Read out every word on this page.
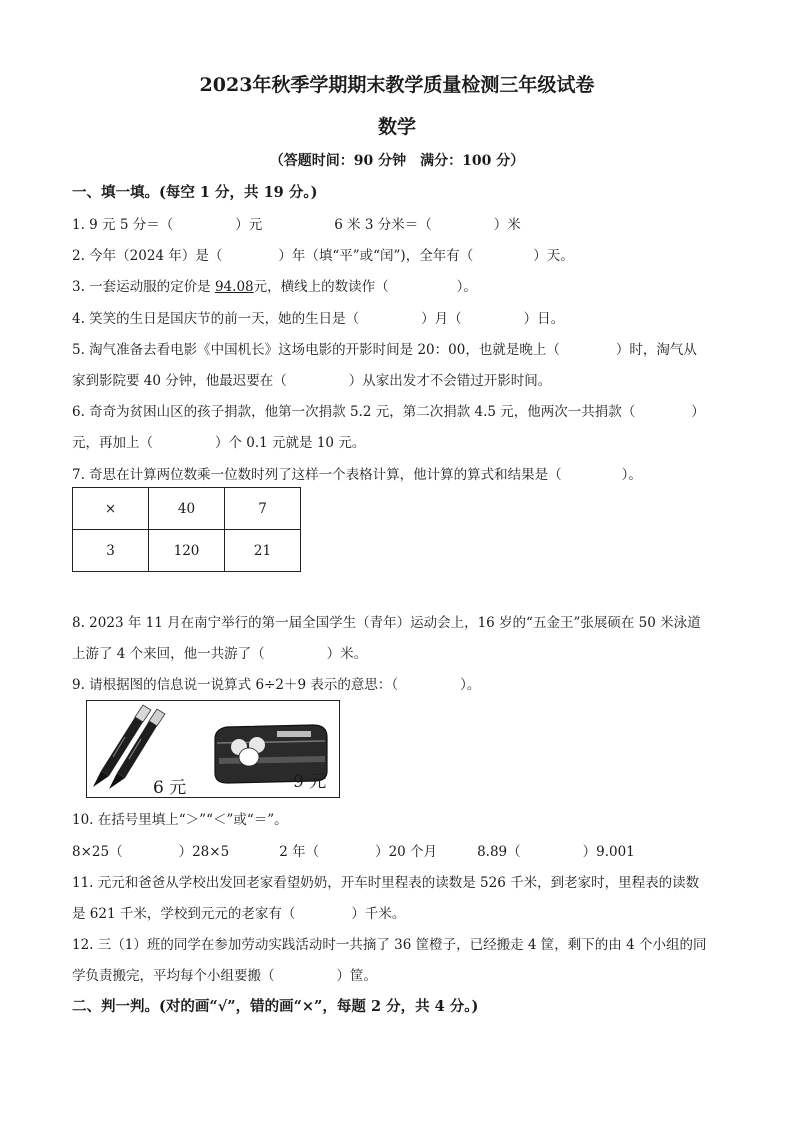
2023年秋季学期期末教学质量检测三年级试卷
数学
（答题时间：90 分钟　满分：100 分）
一、填一填。(每空 1 分，共 19 分。)
1. 9 元 5 分＝（	）元	6 米 3 分米＝（	）米
2. 今年（2024 年）是（	）年（填“平”或“闰”)，全年有（	）天。
3. 一套运动服的定价是 94.08元，横线上的数读作（	）。
4. 笑笑的生日是国庆节的前一天，她的生日是（	）月（	）日。
5. 淘气准备去看电影《中国机长》这场电影的开影时间是 20：00，也就是晚上（	）时，淘气从
家到影院要 40 分钟，他最迟要在（	）从家出发才不会错过开影时间。
6. 奇奇为贫困山区的孩子捐款，他第一次捐款 5.2 元，第二次捐款 4.5 元，他两次一共捐款（	）
元，再加上（	）个 0.1 元就是 10 元。
7. 奇思在计算两位数乘一位数时列了这样一个表格计算，他计算的算式和结果是（	）。
×	40	7
3	120	21
8. 2023 年 11 月在南宁举行的第一届全国学生（青年）运动会上，16 岁的“五金王”张展硕在 50 米泳道
上游了 4 个来回，他一共游了（	）米。
9. 请根据图的信息说一说算式 6÷2＋9 表示的意思：（	）。
6 元	9 元
10. 在括号里填上“＞”“＜”或“＝”。
8×25（	）28×5	2 年（	）20 个月	8.89（	）9.001
11. 元元和爸爸从学校出发回老家看望奶奶，开车时里程表的读数是 526 千米，到老家时，里程表的读数
是 621 千米，学校到元元的老家有（	）千米。
12. 三（1）班的同学在参加劳动实践活动时一共摘了 36 筐橙子，已经搬走 4 筐，剩下的由 4 个小组的同
学负责搬完，平均每个小组要搬（	）筐。
二、判一判。(对的画“√”，错的画“×”，每题 2 分，共 4 分。)
